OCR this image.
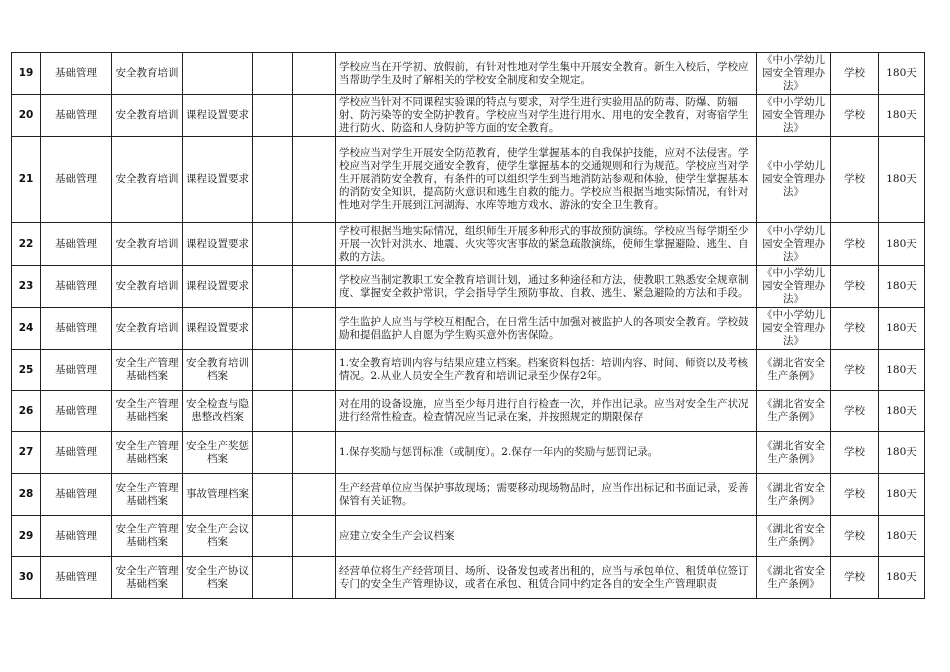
19	基础管理	安全教育培训				学校应当在开学初、放假前，有针对性地对学生集中开展安全教育。新生入校后，学校应当帮助学生及时了解相关的学校安全制度和安全规定。	《中小学幼儿园安全管理办法》	学校	180天
20	基础管理	安全教育培训	课程设置要求			学校应当针对不同课程实验课的特点与要求，对学生进行实验用品的防毒、防爆、防辐射、防污染等的安全防护教育。学校应当对学生进行用水、用电的安全教育，对寄宿学生进行防火、防盗和人身防护等方面的安全教育。	《中小学幼儿园安全管理办法》	学校	180天
21	基础管理	安全教育培训	课程设置要求			学校应当对学生开展安全防范教育，使学生掌握基本的自我保护技能，应对不法侵害。学校应当对学生开展交通安全教育，使学生掌握基本的交通规则和行为规范。学校应当对学生开展消防安全教育，有条件的可以组织学生到当地消防站参观和体验，使学生掌握基本的消防安全知识，提高防火意识和逃生自救的能力。学校应当根据当地实际情况，有针对性地对学生开展到江河湖海、水库等地方戏水、游泳的安全卫生教育。	《中小学幼儿园安全管理办法》	学校	180天
22	基础管理	安全教育培训	课程设置要求			学校可根据当地实际情况，组织师生开展多种形式的事故预防演练。学校应当每学期至少开展一次针对洪水、地震、火灾等灾害事故的紧急疏散演练，使师生掌握避险、逃生、自救的方法。	《中小学幼儿园安全管理办法》	学校	180天
23	基础管理	安全教育培训	课程设置要求			学校应当制定教职工安全教育培训计划，通过多种途径和方法，使教职工熟悉安全规章制度、掌握安全救护常识，学会指导学生预防事故、自救、逃生、紧急避险的方法和手段。	《中小学幼儿园安全管理办法》	学校	180天
24	基础管理	安全教育培训	课程设置要求			学生监护人应当与学校互相配合，在日常生活中加强对被监护人的各项安全教育。学校鼓励和提倡监护人自愿为学生购买意外伤害保险。	《中小学幼儿园安全管理办法》	学校	180天
25	基础管理	安全生产管理基础档案	安全教育培训档案			1.安全教育培训内容与结果应建立档案。档案资料包括：培训内容、时间、师资以及考核情况。2.从业人员安全生产教育和培训记录至少保存2年。	《湖北省安全生产条例》	学校	180天
26	基础管理	安全生产管理基础档案	安全检查与隐患整改档案			对在用的设备设施，应当至少每月进行自行检查一次，并作出记录。应当对安全生产状况进行经常性检查。检查情况应当记录在案，并按照规定的期限保存	《湖北省安全生产条例》	学校	180天
27	基础管理	安全生产管理基础档案	安全生产奖惩档案			1.保存奖励与惩罚标准（或制度）。2.保存一年内的奖励与惩罚记录。	《湖北省安全生产条例》	学校	180天
28	基础管理	安全生产管理基础档案	事故管理档案			生产经营单位应当保护事故现场；需要移动现场物品时，应当作出标记和书面记录，妥善保管有关证物。	《湖北省安全生产条例》	学校	180天
29	基础管理	安全生产管理基础档案	安全生产会议档案			应建立安全生产会议档案	《湖北省安全生产条例》	学校	180天
30	基础管理	安全生产管理基础档案	安全生产协议档案			经营单位将生产经营项目、场所、设备发包或者出租的，应当与承包单位、租赁单位签订专门的安全生产管理协议，或者在承包、租赁合同中约定各自的安全生产管理职责	《湖北省安全生产条例》	学校	180天
